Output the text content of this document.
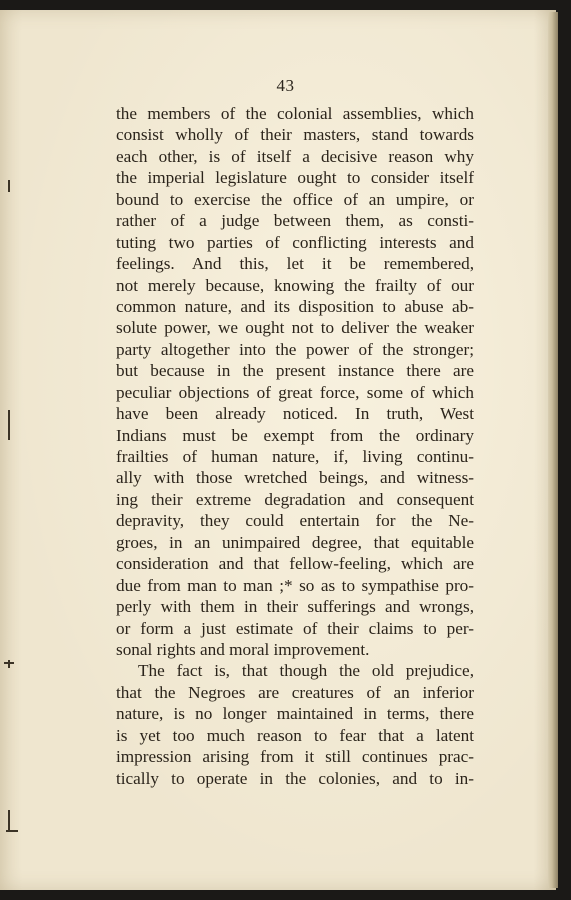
43
the members of the colonial assemblies, which
consist wholly of their masters, stand towards
each other, is of itself a decisive reason why
the imperial legislature ought to consider itself
bound to exercise the office of an umpire, or
rather of a judge between them, as consti-
tuting two parties of conflicting interests and
feelings. And this, let it be remembered,
not merely because, knowing the frailty of our
common nature, and its disposition to abuse ab-
solute power, we ought not to deliver the weaker
party altogether into the power of the stronger;
but because in the present instance there are
peculiar objections of great force, some of which
have been already noticed. In truth, West
Indians must be exempt from the ordinary
frailties of human nature, if, living continu-
ally with those wretched beings, and witness-
ing their extreme degradation and consequent
depravity, they could entertain for the Ne-
groes, in an unimpaired degree, that equitable
consideration and that fellow-feeling, which are
due from man to man ;* so as to sympathise pro-
perly with them in their sufferings and wrongs,
or form a just estimate of their claims to per-
sonal rights and moral improvement.
The fact is, that though the old prejudice,
that the Negroes are creatures of an inferior
nature, is no longer maintained in terms, there
is yet too much reason to fear that a latent
impression arising from it still continues prac-
tically to operate in the colonies, and to in-
